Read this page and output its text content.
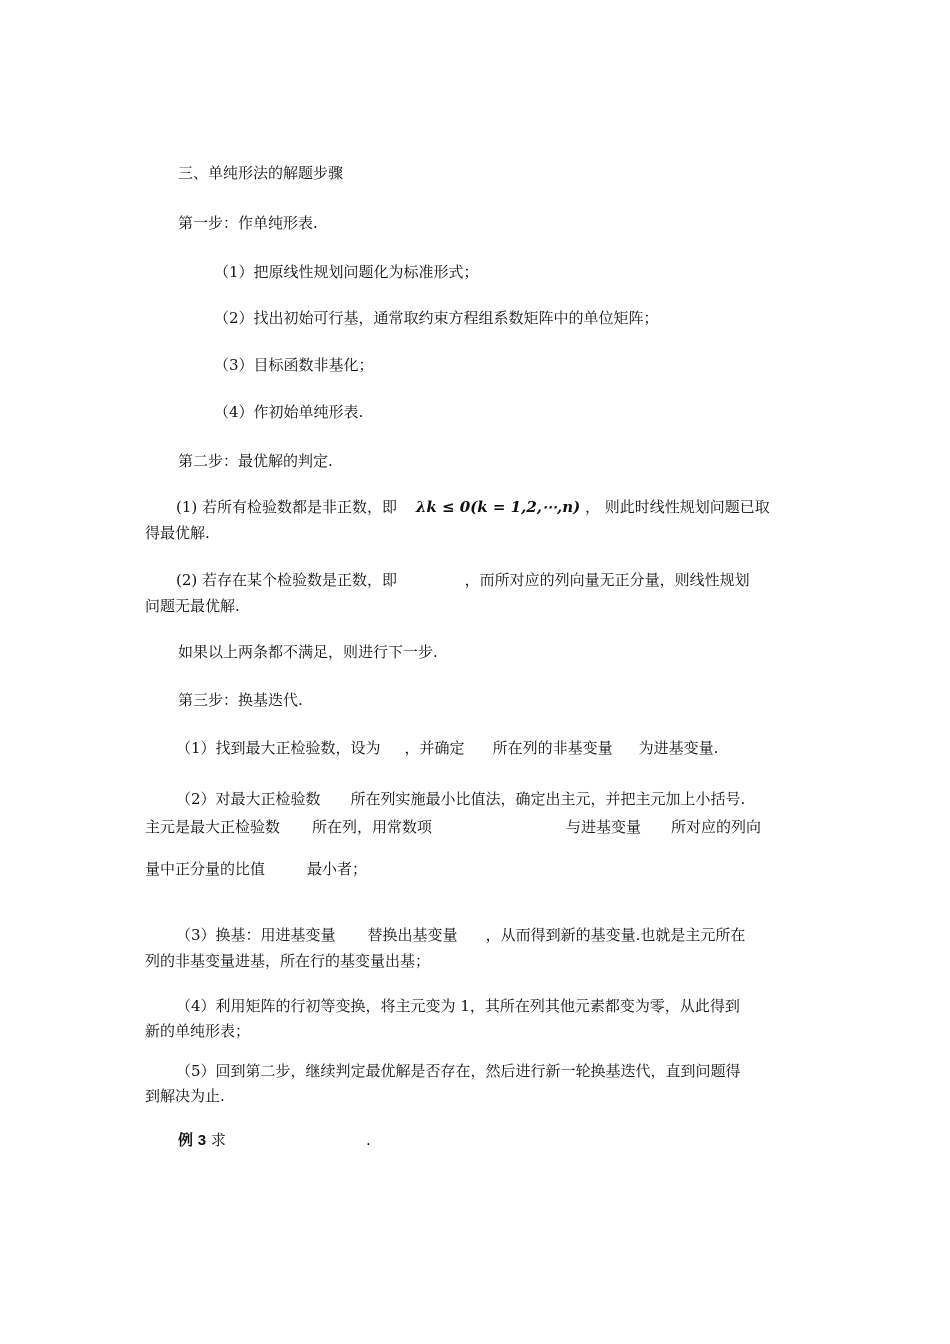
三、单纯形法的解题步骤
第一步：作单纯形表.
（1）把原线性规划问题化为标准形式；
（2）找出初始可行基，通常取约束方程组系数矩阵中的单位矩阵；
（3）目标函数非基化；
（4）作初始单纯形表.
第二步：最优解的判定.
(1) 若所有检验数都是非正数，即 λk ≤ 0(k = 1,2,⋯,n) ， 则此时线性规划问题已取
得最优解.
(2) 若存在某个检验数是正数，即	，而所对应的列向量无正分量，则线性规划
问题无最优解.
如果以上两条都不满足，则进行下一步.
第三步：换基迭代.
（1）找到最大正检验数，设为 ，并确定 所在列的非基变量 为进基变量.
（2）对最大正检验数 所在列实施最小比值法，确定出主元，并把主元加上小括号.
主元是最大正检验数 所在列，用常数项	与进基变量 所对应的列向
量中正分量的比值	最小者；
（3）换基：用进基变量 替换出基变量 ，从而得到新的基变量.也就是主元所在
列的非基变量进基，所在行的基变量出基；
（4）利用矩阵的行初等变换，将主元变为 1，其所在列其他元素都变为零，从此得到
新的单纯形表；
（5）回到第二步，继续判定最优解是否存在，然后进行新一轮换基迭代，直到问题得
到解决为止.
例 3 求	.
